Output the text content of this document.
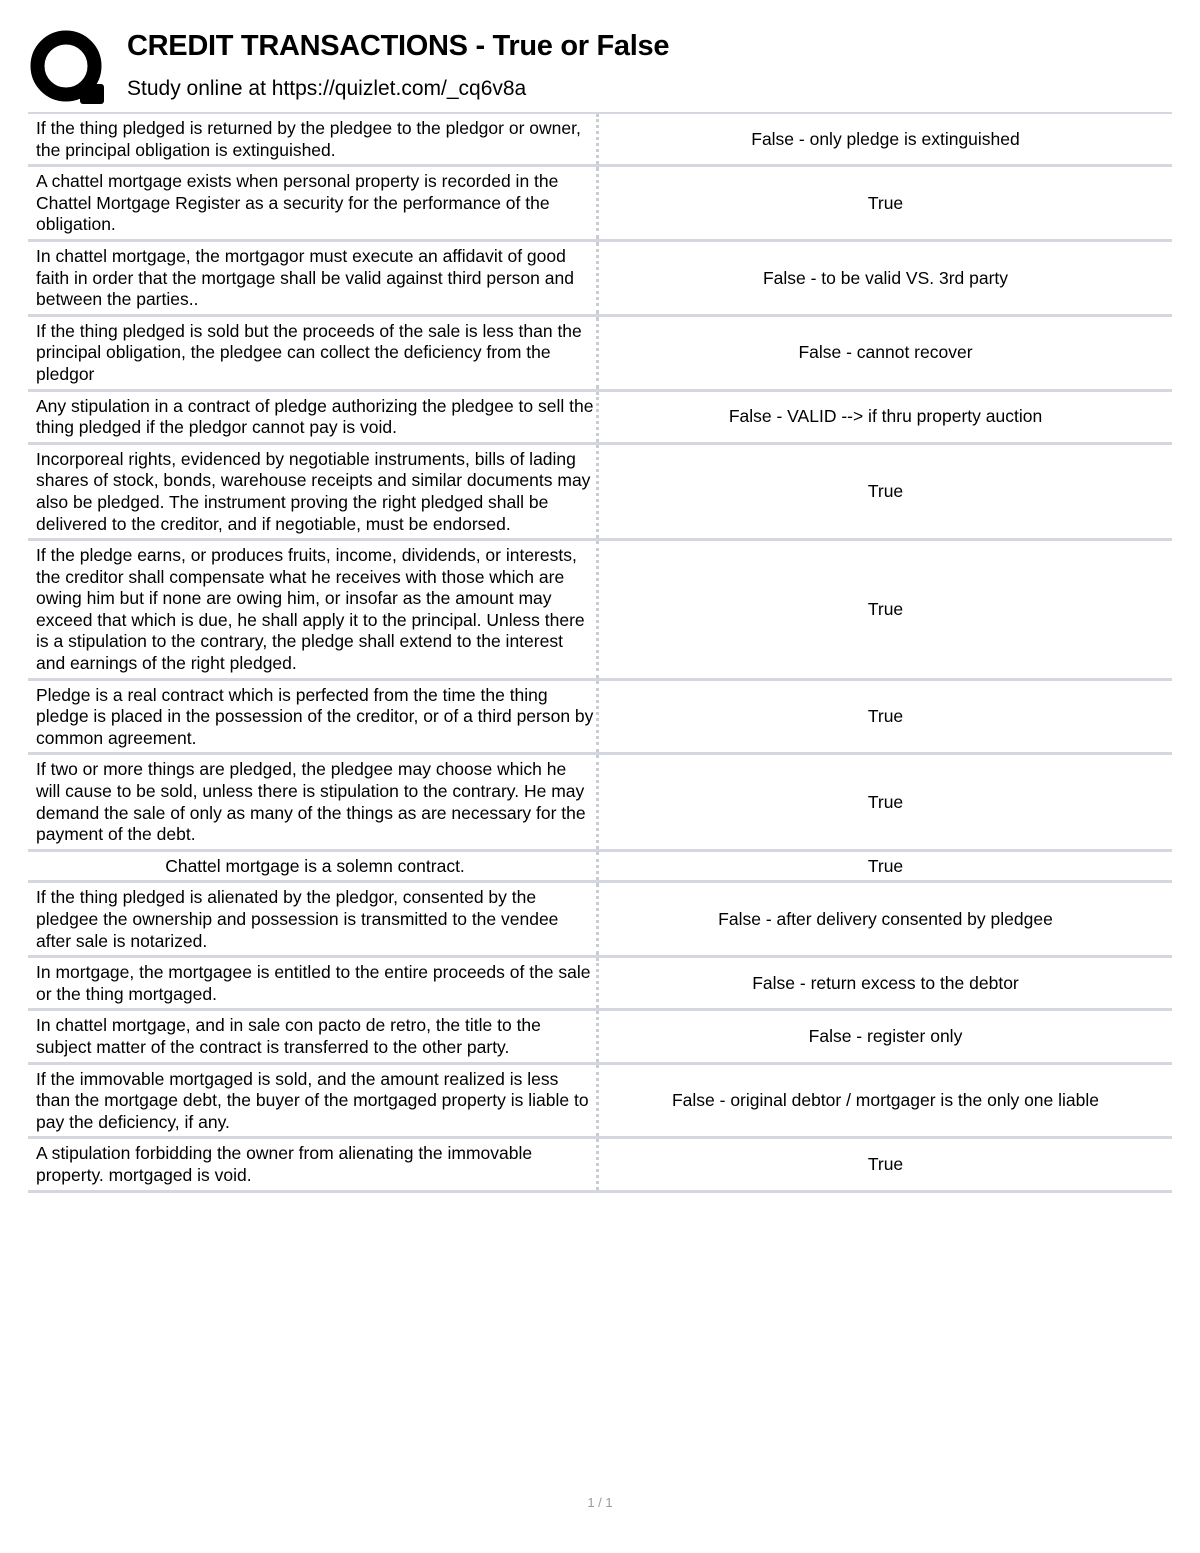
CREDIT TRANSACTIONS - True or False
Study online at https://quizlet.com/_cq6v8a
If the thing pledged is returned by the pledgee to the pledgor or owner, the principal obligation is extinguished.
False - only pledge is extinguished
A chattel mortgage exists when personal property is recorded in the Chattel Mortgage Register as a security for the performance of the obligation.
True
In chattel mortgage, the mortgagor must execute an affidavit of good faith in order that the mortgage shall be valid against third person and between the parties..
False - to be valid VS. 3rd party
If the thing pledged is sold but the proceeds of the sale is less than the principal obligation, the pledgee can collect the deficiency from the pledgor
False - cannot recover
Any stipulation in a contract of pledge authorizing the pledgee to sell the thing pledged if the pledgor cannot pay is void.
False - VALID --> if thru property auction
Incorporeal rights, evidenced by negotiable instruments, bills of lading shares of stock, bonds, warehouse receipts and similar documents may also be pledged. The instrument proving the right pledged shall be delivered to the creditor, and if negotiable, must be endorsed.
True
If the pledge earns, or produces fruits, income, dividends, or interests, the creditor shall compensate what he receives with those which are owing him but if none are owing him, or insofar as the amount may exceed that which is due, he shall apply it to the principal. Unless there is a stipulation to the contrary, the pledge shall extend to the interest and earnings of the right pledged.
True
Pledge is a real contract which is perfected from the time the thing pledge is placed in the possession of the creditor, or of a third person by common agreement.
True
If two or more things are pledged, the pledgee may choose which he will cause to be sold, unless there is stipulation to the contrary. He may demand the sale of only as many of the things as are necessary for the payment of the debt.
True
Chattel mortgage is a solemn contract.	True
If the thing pledged is alienated by the pledgor, consented by the pledgee the ownership and possession is transmitted to the vendee after sale is notarized.
False - after delivery consented by pledgee
In mortgage, the mortgagee is entitled to the entire proceeds of the sale or the thing mortgaged.
False - return excess to the debtor
In chattel mortgage, and in sale con pacto de retro, the title to the subject matter of the contract is transferred to the other party.
False - register only
If the immovable mortgaged is sold, and the amount realized is less than the mortgage debt, the buyer of the mortgaged property is liable to pay the deficiency, if any.
False - original debtor / mortgager is the only one liable
A stipulation forbidding the owner from alienating the immovable property. mortgaged is void.
True
1 / 1
